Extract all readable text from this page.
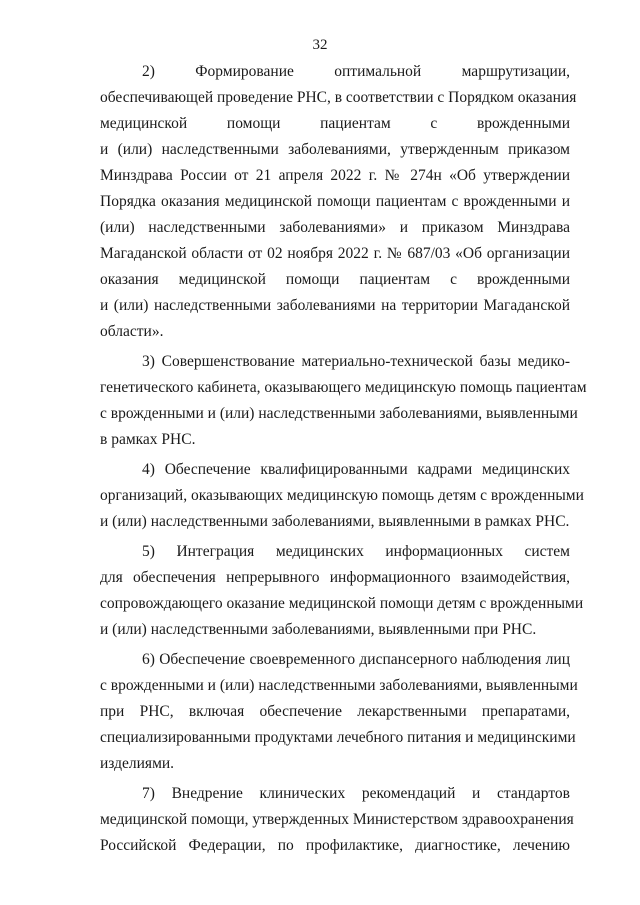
32
2) Формирование оптимальной маршрутизации,
обеспечивающей проведение РНС, в соответствии с Порядком оказания
медицинской помощи пациентам с врожденными
и (или) наследственными заболеваниями, утвержденным приказом
Минздрава России от 21 апреля 2022 г. № 274н «Об утверждении
Порядка оказания медицинской помощи пациентам с врожденными и
(или) наследственными заболеваниями» и приказом Минздрава
Магаданской области от 02 ноября 2022 г. № 687/03 «Об организации
оказания медицинской помощи пациентам с врожденными
и (или) наследственными заболеваниями на территории Магаданской
области».
3) Совершенствование материально-технической базы медико-
генетического кабинета, оказывающего медицинскую помощь пациентам
с врожденными и (или) наследственными заболеваниями, выявленными
в рамках РНС.
4) Обеспечение квалифицированными кадрами медицинских
организаций, оказывающих медицинскую помощь детям с врожденными
и (или) наследственными заболеваниями, выявленными в рамках РНС.
5) Интеграция медицинских информационных систем
для обеспечения непрерывного информационного взаимодействия,
сопровождающего оказание медицинской помощи детям с врожденными
и (или) наследственными заболеваниями, выявленными при РНС.
6) Обеспечение своевременного диспансерного наблюдения лиц
с врожденными и (или) наследственными заболеваниями, выявленными
при РНС, включая обеспечение лекарственными препаратами,
специализированными продуктами лечебного питания и медицинскими
изделиями.
7) Внедрение клинических рекомендаций и стандартов
медицинской помощи, утвержденных Министерством здравоохранения
Российской Федерации, по профилактике, диагностике, лечению
